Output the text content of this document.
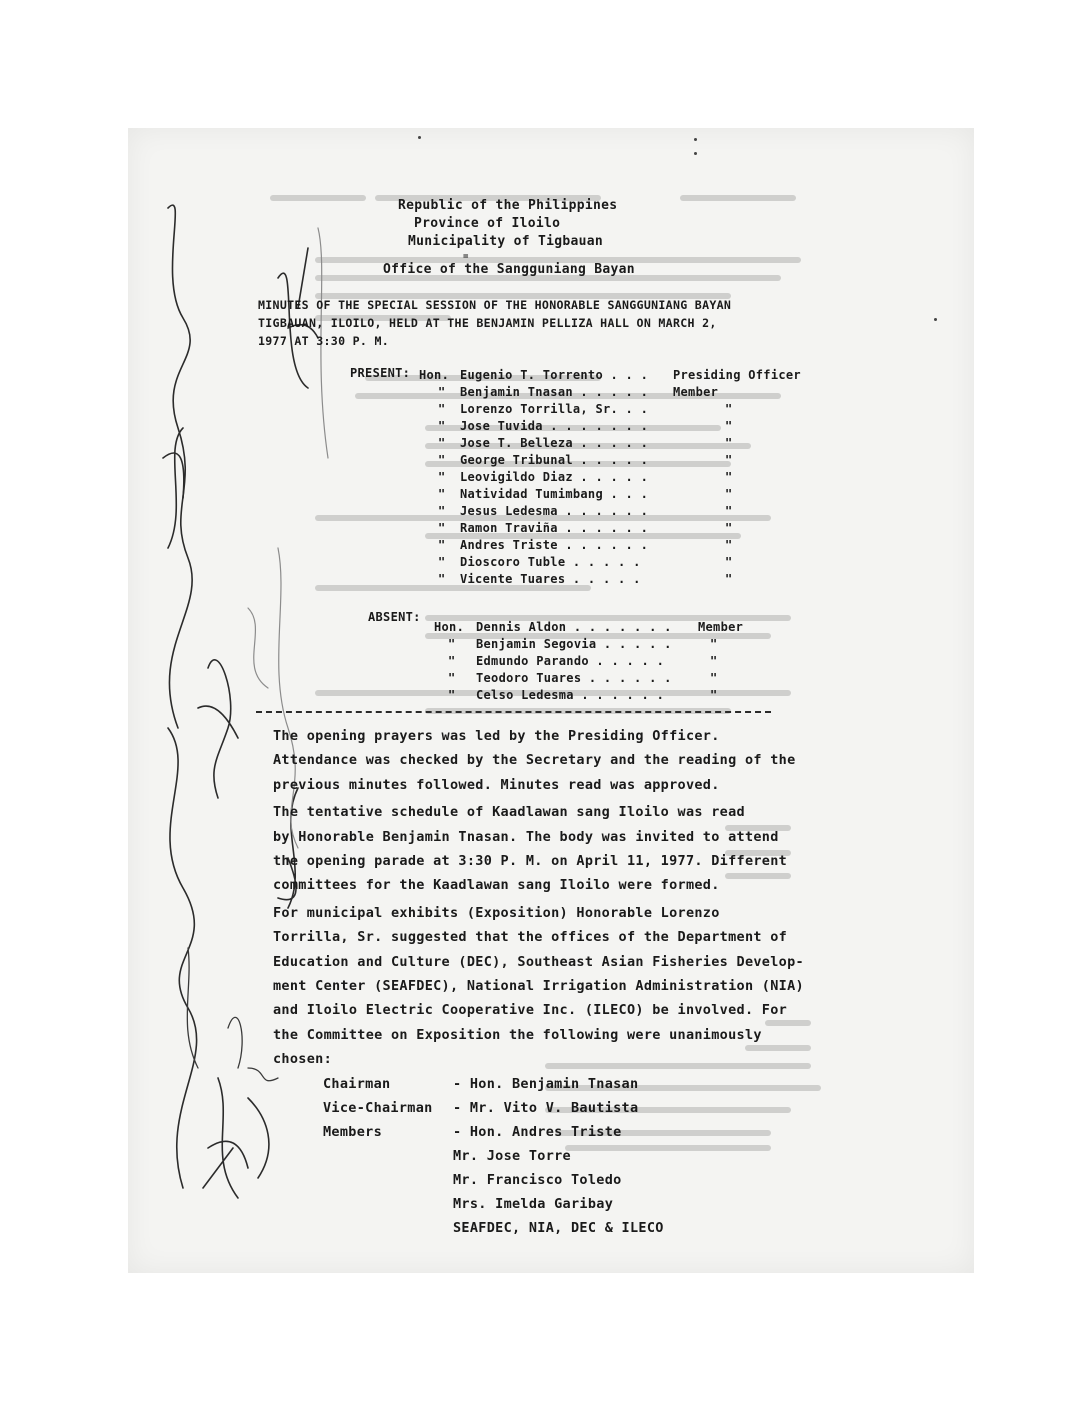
Republic of the Philippines
Province of Iloilo
Municipality of Tigbauan
=
Office of the Sangguniang Bayan
MINUTES OF THE SPECIAL SESSION OF THE HONORABLE SANGGUNIANG BAYAN
TIGBAUAN, ILOILO, HELD AT THE BENJAMIN PELLIZA HALL ON MARCH 2,
1977 AT 3:30 P. M.
PRESENT:
ABSENT:
Hon. Eugenio T. Torrento . . . Presiding Officer
" Benjamin Tnasan . . . . . Member
" Lorenzo Torrilla, Sr. . .	"
" Jose Tuvida . . . . . . .	"
" Jose T. Belleza . . . . .	"
" George Tribunal . . . . .	"
" Leovigildo Diaz . . . . .	"
" Natividad Tumimbang . . .	"
" Jesus Ledesma . . . . . .	"
" Ramon Traviña . . . . . .	"
" Andres Triste . . . . . .	"
" Dioscoro Tuble . . . . .	"
" Vicente Tuares . . . . .	"
Hon. Dennis Aldon . . . . . . . Member
" Benjamin Segovia . . . . .	"
" Edmundo Parando . . . . .	"
" Teodoro Tuares . . . . . .	"
" Celso Ledesma . . . . . .	"
The opening prayers was led by the Presiding Officer.
Attendance was checked by the Secretary and the reading of the
previous minutes followed. Minutes read was approved.
The tentative schedule of Kaadlawan sang Iloilo was read
by Honorable Benjamin Tnasan. The body was invited to attend
the opening parade at 3:30 P. M. on April 11, 1977. Different
committees for the Kaadlawan sang Iloilo were formed.
For municipal exhibits (Exposition) Honorable Lorenzo
Torrilla, Sr. suggested that the offices of the Department of
Education and Culture (DEC), Southeast Asian Fisheries Develop-
ment Center (SEAFDEC), National Irrigation Administration (NIA)
and Iloilo Electric Cooperative Inc. (ILECO) be involved. For
the Committee on Exposition the following were unanimously
chosen:
Chairman	- Hon. Benjamin Tnasan
Vice-Chairman - Mr. Vito V. Bautista
Members	- Hon. Andres Triste
Mr. Jose Torre
Mr. Francisco Toledo
Mrs. Imelda Garibay
SEAFDEC, NIA, DEC & ILECO
